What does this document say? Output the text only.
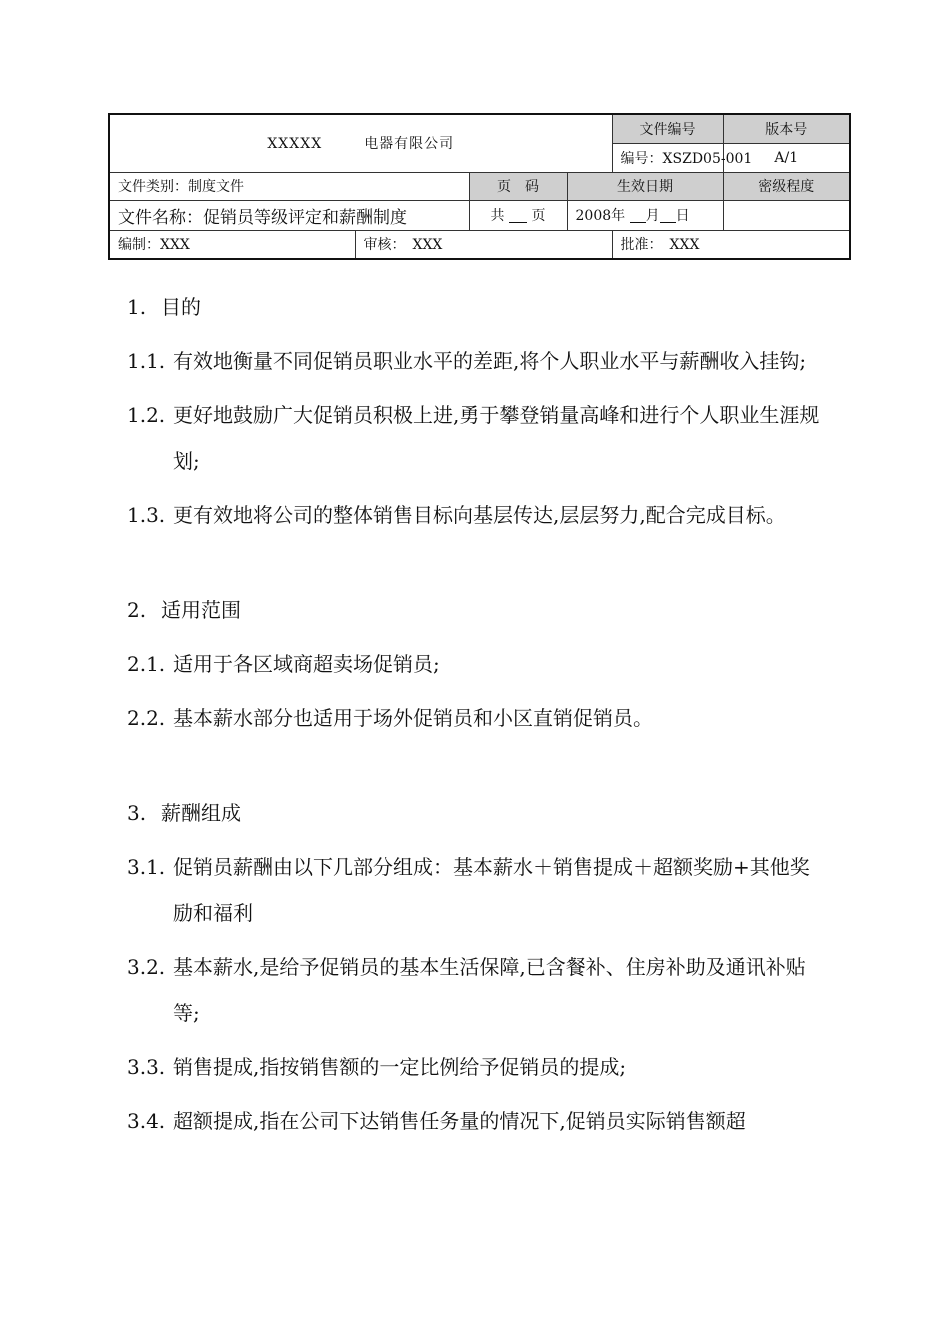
XXXXX 电器有限公司				文件编号	版本号
				编号：XSZD05-001	A/1
文件类别：制度文件		页　码	生效日期		密级程度
文件名称：促销员等级评定和薪酬制度		共 页	2008年 月 日		
编制：XXX	审核：　XXX			批准：　XXX	
1. 目的
1.1. 有效地衡量不同促销员职业水平的差距,将个人职业水平与薪酬收入挂钩;
1.2. 更好地鼓励广大促销员积极上进,勇于攀登销量高峰和进行个人职业生涯规划;
1.3. 更有效地将公司的整体销售目标向基层传达,层层努力,配合完成目标。
2. 适用范围
2.1. 适用于各区域商超卖场促销员;
2.2. 基本薪水部分也适用于场外促销员和小区直销促销员。
3. 薪酬组成
3.1. 促销员薪酬由以下几部分组成：基本薪水＋销售提成＋超额奖励+其他奖励和福利
3.2. 基本薪水,是给予促销员的基本生活保障,已含餐补、住房补助及通讯补贴等;
3.3. 销售提成,指按销售额的一定比例给予促销员的提成;
3.4. 超额提成,指在公司下达销售任务量的情况下,促销员实际销售额超
